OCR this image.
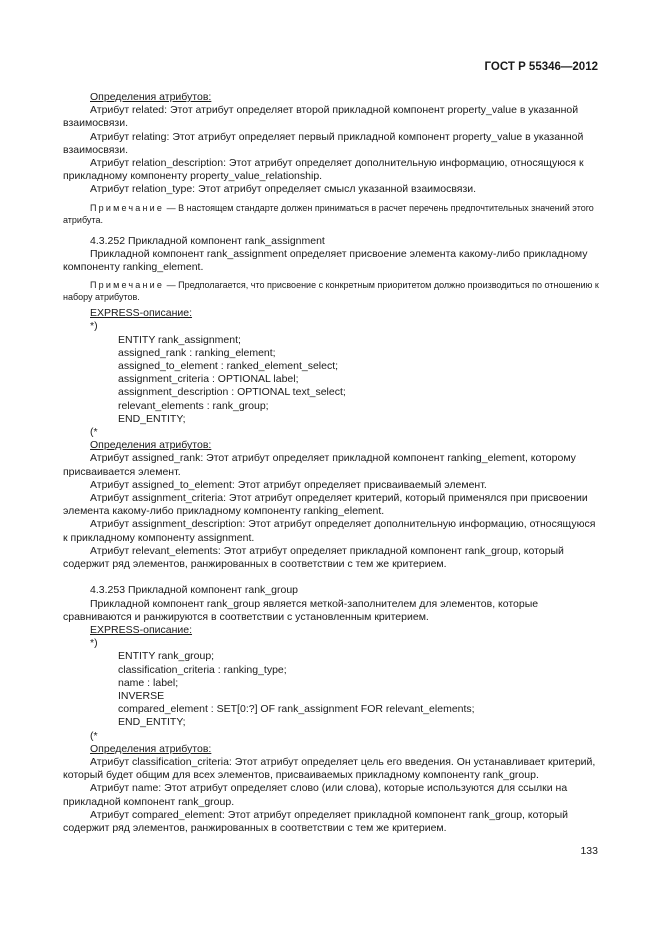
ГОСТ Р 55346—2012

Определения атрибутов:

Атрибут related: Этот атрибут определяет второй прикладной компонент property_value в указанной взаимосвязи.

Атрибут relating: Этот атрибут определяет первый прикладной компонент property_value в указанной взаимосвязи.

Атрибут relation_description: Этот атрибут определяет дополнительную информацию, относящуюся к прикладному компоненту property_value_relationship.

Атрибут relation_type: Этот атрибут определяет смысл указанной взаимосвязи.

Примечание — В настоящем стандарте должен приниматься в расчет перечень предпочтительных значений этого атрибута.

4.3.252 Прикладной компонент rank_assignment

Прикладной компонент rank_assignment определяет присвоение элемента какому-либо прикладному компоненту ranking_element.

Примечание — Предполагается, что присвоение с конкретным приоритетом должно производиться по отношению к набору атрибутов.

EXPRESS-описание:

*)

ENTITY rank_assignment;
assigned_rank : ranking_element;
assigned_to_element : ranked_element_select;
assignment_criteria : OPTIONAL label;
assignment_description : OPTIONAL text_select;
relevant_elements : rank_group;
END_ENTITY;

(*

Определения атрибутов:

Атрибут assigned_rank: Этот атрибут определяет прикладной компонент ranking_element, которому присваивается элемент.

Атрибут assigned_to_element: Этот атрибут определяет присваиваемый элемент.

Атрибут assignment_criteria: Этот атрибут определяет критерий, который применялся при присвоении элемента какому-либо прикладному компоненту ranking_element.

Атрибут assignment_description: Этот атрибут определяет дополнительную информацию, относящуюся к прикладному компоненту assignment.

Атрибут relevant_elements: Этот атрибут определяет прикладной компонент rank_group, который содержит ряд элементов, ранжированных в соответствии с тем же критерием.

4.3.253 Прикладной компонент rank_group

Прикладной компонент rank_group является меткой-заполнителем для элементов, которые сравниваются и ранжируются в соответствии с установленным критерием.

EXPRESS-описание:

*)

ENTITY rank_group;
classification_criteria : ranking_type;
name : label;
INVERSE
compared_element : SET[0:?] OF rank_assignment FOR relevant_elements;
END_ENTITY;

(*

Определения атрибутов:

Атрибут classification_criteria: Этот атрибут определяет цель его введения. Он устанавливает критерий, который будет общим для всех элементов, присваиваемых прикладному компоненту rank_group.

Атрибут name: Этот атрибут определяет слово (или слова), которые используются для ссылки на прикладной компонент rank_group.

Атрибут compared_element: Этот атрибут определяет прикладной компонент rank_group, который содержит ряд элементов, ранжированных в соответствии с тем же критерием.

133
